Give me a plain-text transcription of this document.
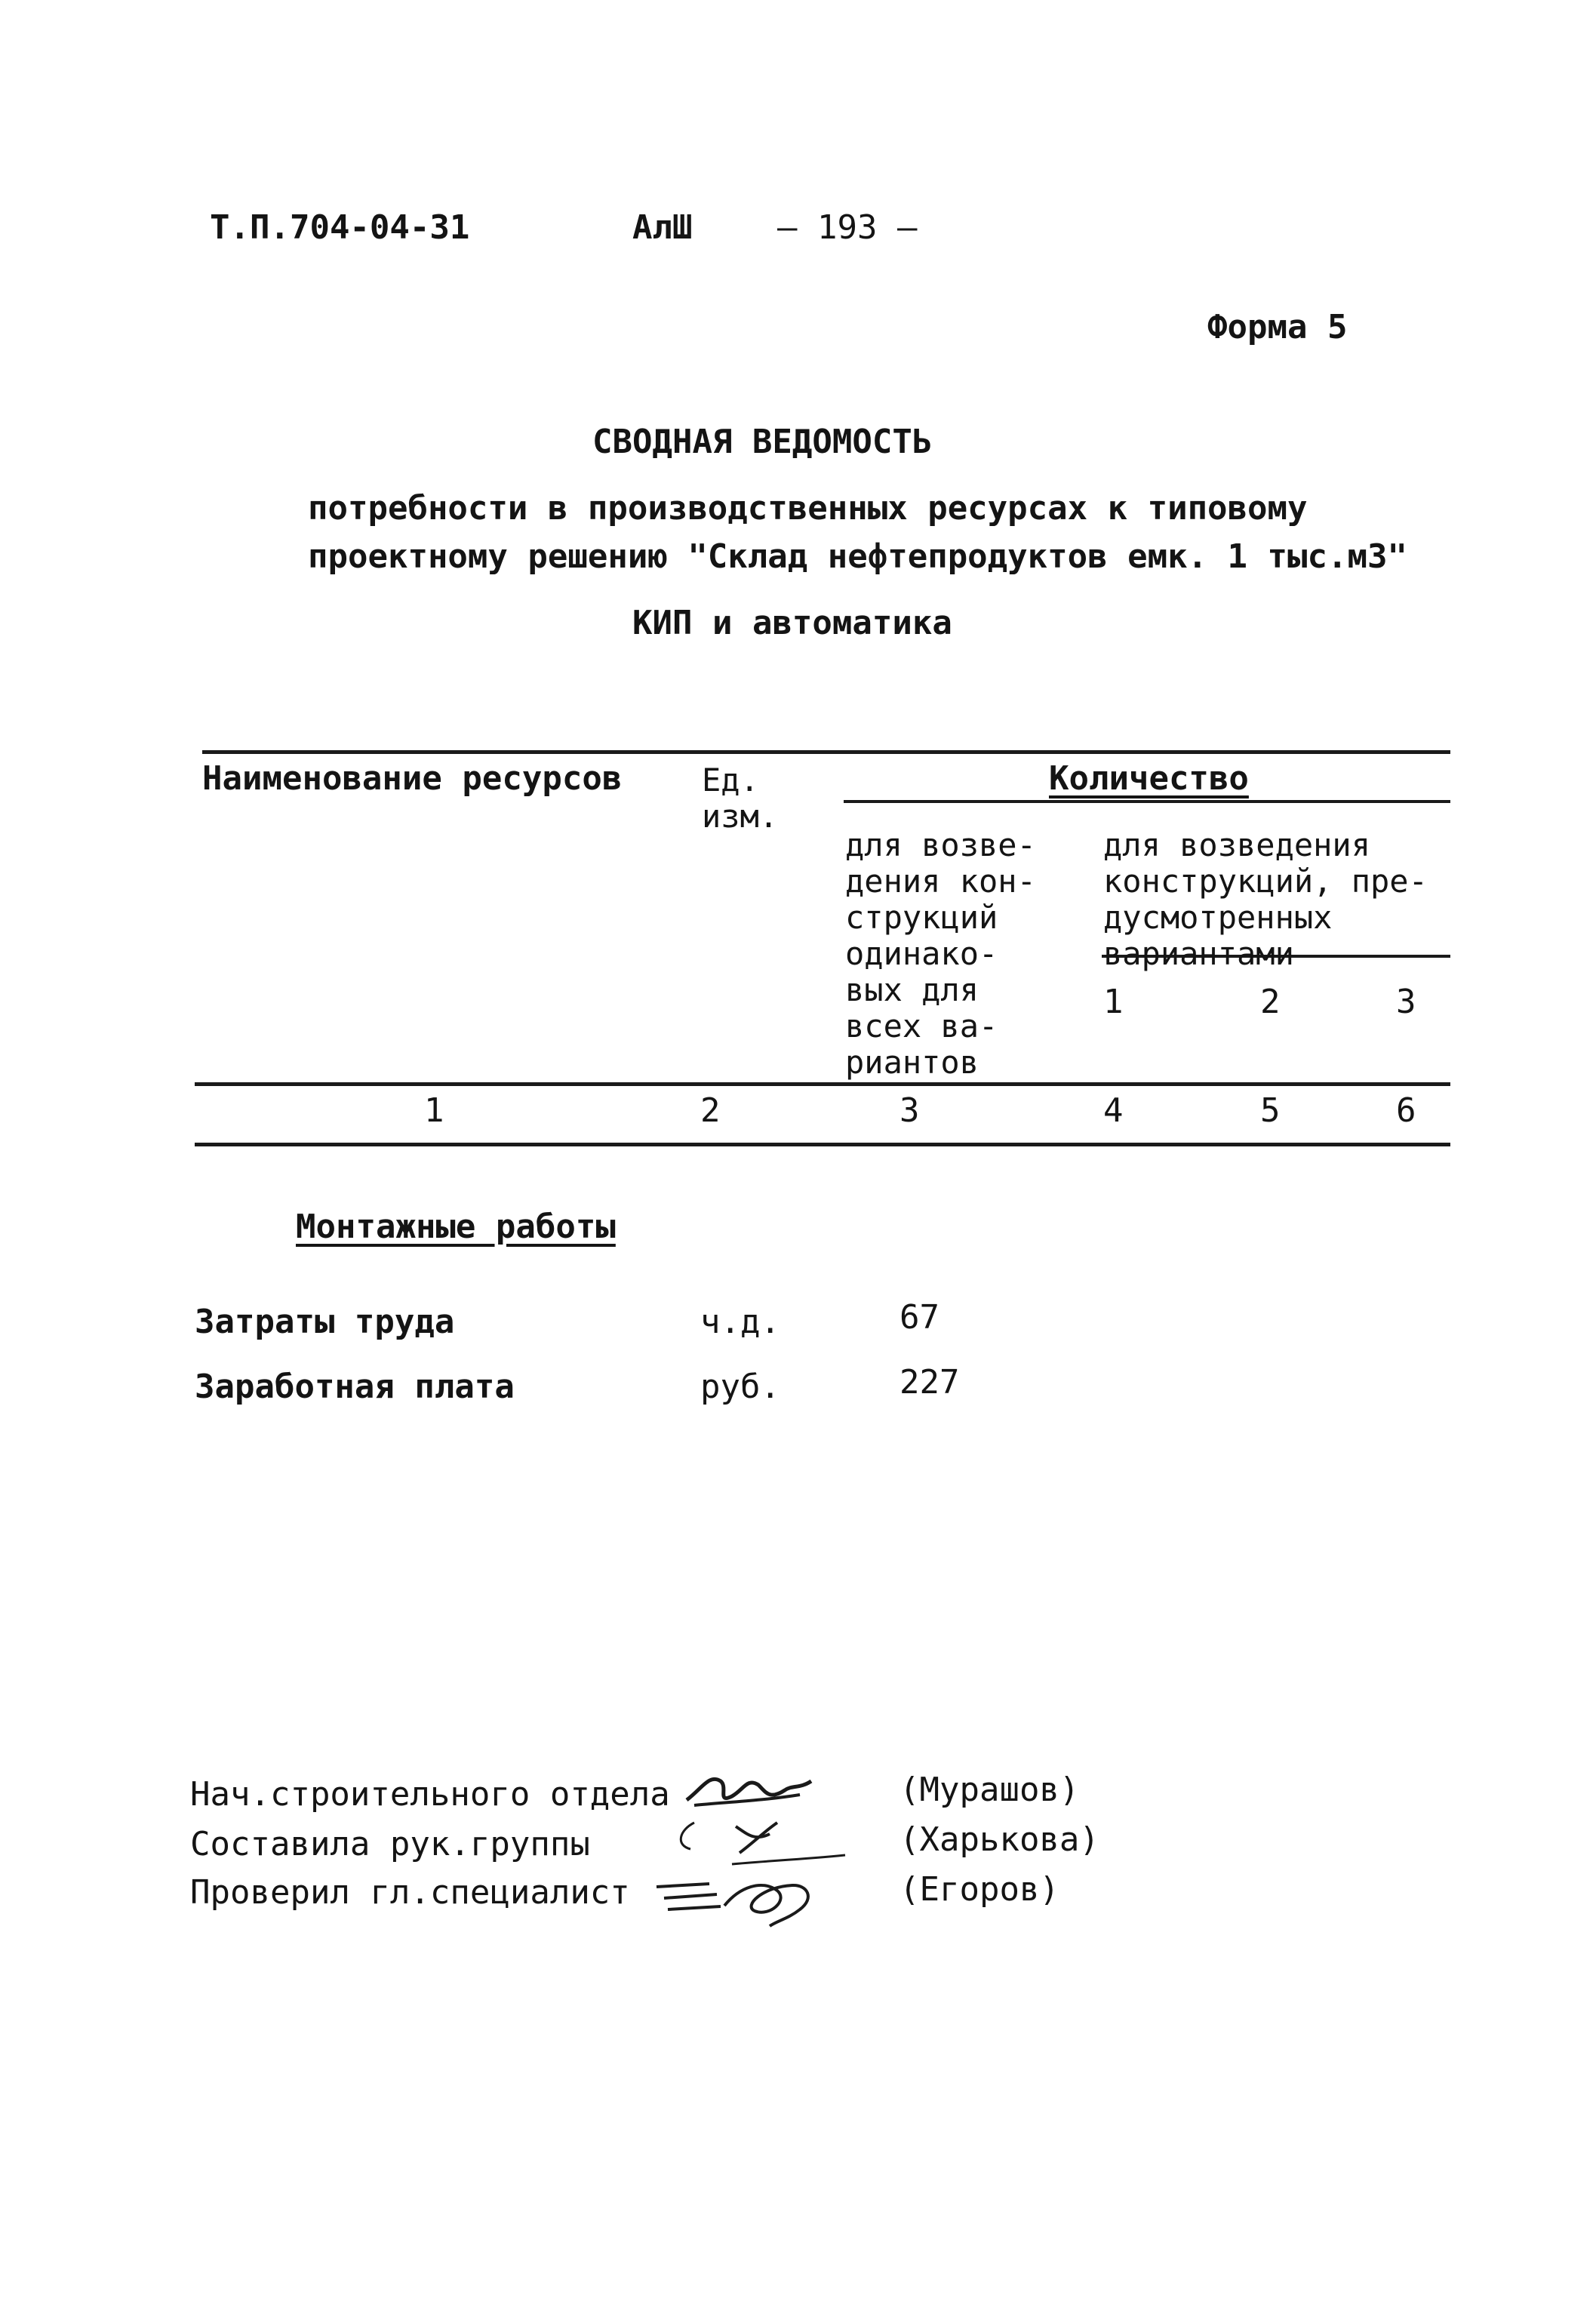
Т.П.704-04-31	АлШ	— 193 —
Форма 5
СВОДНАЯ ВЕДОМОСТЬ
потребности в производственных ресурсах к типовому
проектному решению "Склад нефтепродуктов емк. 1 тыс.м3"
КИП и автоматика
Наименование ресурсов	Ед.
изм.
Количество
для возве-
дения кон-
струкций
одинако-
вых для
всех ва-
риантов
для возведения
конструкций, пре-
дусмотренных
вариантами
1	2	3
1	2	3	4	5	6
Монтажные работы
Затраты труда	ч.д.	67
Заработная плата	руб.	227
Нач.строительного отдела	(Мурашов)
Составила рук.группы	(Харькова)
Проверил гл.специалист	(Егоров)
